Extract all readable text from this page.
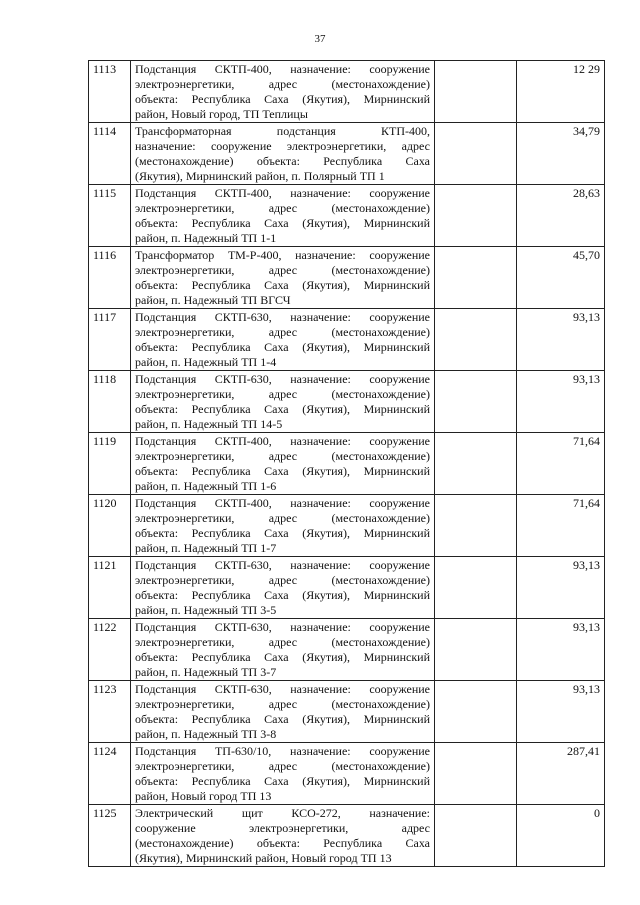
37
1113	Подстанция СКТП-400, назначение: сооружение
электроэнергетики, адрес (местонахождение)
объекта: Республика Саха (Якутия), Мирнинский
район, Новый город, ТП Теплицы		12 29
1114	Трансформаторная подстанция КТП-400,
назначение: сооружение электроэнергетики, адрес
(местонахождение) объекта: Республика Саха
(Якутия), Мирнинский район, п. Полярный ТП 1		34,79
1115	Подстанция СКТП-400, назначение: сооружение
электроэнергетики, адрес (местонахождение)
объекта: Республика Саха (Якутия), Мирнинский
район, п. Надежный ТП 1-1		28,63
1116	Трансформатор ТМ-Р-400, назначение: сооружение
электроэнергетики, адрес (местонахождение)
объекта: Республика Саха (Якутия), Мирнинский
район, п. Надежный ТП ВГСЧ		45,70
1117	Подстанция СКТП-630, назначение: сооружение
электроэнергетики, адрес (местонахождение)
объекта: Республика Саха (Якутия), Мирнинский
район, п. Надежный ТП 1-4		93,13
1118	Подстанция СКТП-630, назначение: сооружение
электроэнергетики, адрес (местонахождение)
объекта: Республика Саха (Якутия), Мирнинский
район, п. Надежный ТП 14-5		93,13
1119	Подстанция СКТП-400, назначение: сооружение
электроэнергетики, адрес (местонахождение)
объекта: Республика Саха (Якутия), Мирнинский
район, п. Надежный ТП 1-6		71,64
1120	Подстанция СКТП-400, назначение: сооружение
электроэнергетики, адрес (местонахождение)
объекта: Республика Саха (Якутия), Мирнинский
район, п. Надежный ТП 1-7		71,64
1121	Подстанция СКТП-630, назначение: сооружение
электроэнергетики, адрес (местонахождение)
объекта: Республика Саха (Якутия), Мирнинский
район, п. Надежный ТП 3-5		93,13
1122	Подстанция СКТП-630, назначение: сооружение
электроэнергетики, адрес (местонахождение)
объекта: Республика Саха (Якутия), Мирнинский
район, п. Надежный ТП 3-7		93,13
1123	Подстанция СКТП-630, назначение: сооружение
электроэнергетики, адрес (местонахождение)
объекта: Республика Саха (Якутия), Мирнинский
район, п. Надежный ТП 3-8		93,13
1124	Подстанция ТП-630/10, назначение: сооружение
электроэнергетики, адрес (местонахождение)
объекта: Республика Саха (Якутия), Мирнинский
район, Новый город ТП 13		287,41
1125	Электрический щит КСО-272, назначение:
сооружение электроэнергетики, адрес
(местонахождение) объекта: Республика Саха
(Якутия), Мирнинский район, Новый город ТП 13		0
